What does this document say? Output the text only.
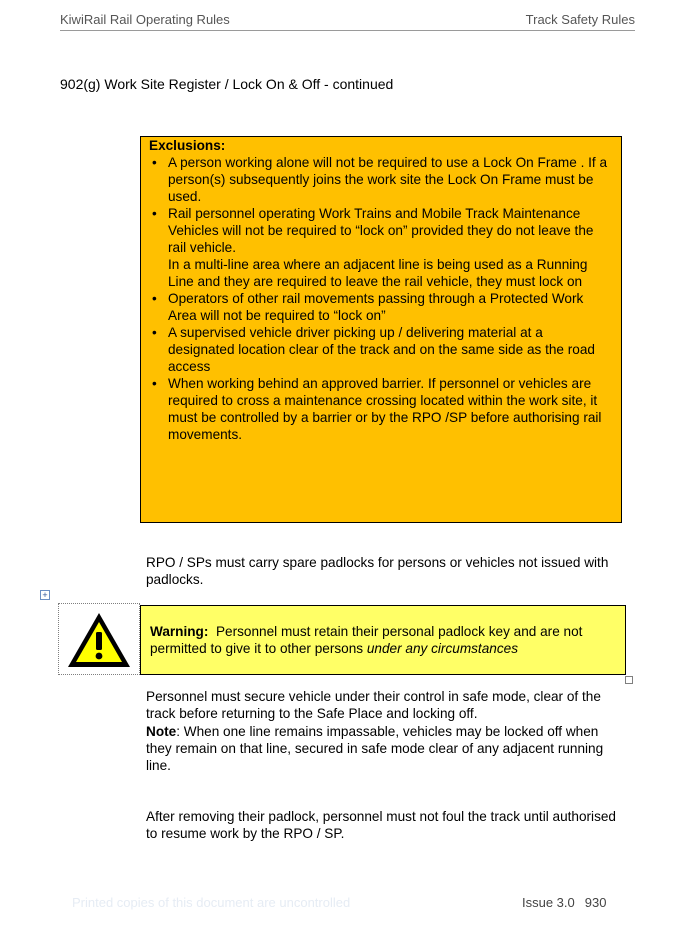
KiwiRail Rail Operating Rules	Track Safety Rules
902(g) Work Site Register / Lock On & Off - continued

Exclusions:

• A person working alone will not be required to use a Lock On Frame . If a person(s) subsequently joins the work site the Lock On Frame must be used.
• Rail personnel operating Work Trains and Mobile Track Maintenance Vehicles will not be required to “lock on” provided they do not leave the rail vehicle.
In a multi-line area where an adjacent line is being used as a Running Line and they are required to leave the rail vehicle, they must lock on
• Operators of other rail movements passing through a Protected Work Area will not be required to “lock on”
• A supervised vehicle driver picking up / delivering material at a designated location clear of the track and on the same side as the road access
• When working behind an approved barrier. If personnel or vehicles are required to cross a maintenance crossing located within the work site, it must be controlled by a barrier or by the RPO /SP before authorising rail movements.
RPO / SPs must carry spare padlocks for persons or vehicles not issued with padlocks.
+
Warning: Personnel must retain their personal padlock key and are not permitted to give it to other persons under any circumstances
Personnel must secure vehicle under their control in safe mode, clear of the track before returning to the Safe Place and locking off.
Note: When one line remains impassable, vehicles may be locked off when they remain on that line, secured in safe mode clear of any adjacent running line.
After removing their padlock, personnel must not foul the track until authorised to resume work by the RPO / SP.
Printed copies of this document are uncontrolled	Issue 3.0 930
